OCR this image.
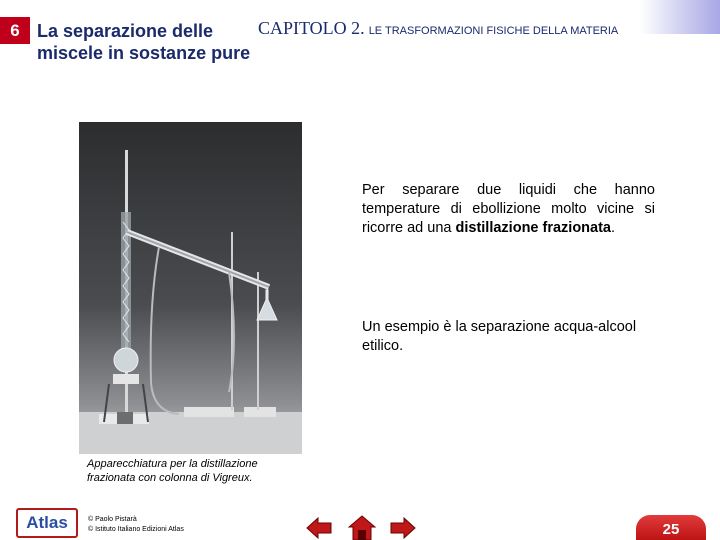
6 La separazione delle miscele in sostanze pure
CAPITOLO 2. LE TRASFORMAZIONI FISICHE DELLA MATERIA
Apparecchiatura per la distillazione frazionata con colonna di Vigreux.
Per separare due liquidi che hanno temperature di ebollizione molto vicine si ricorre ad una distillazione frazionata.
Un esempio è la separazione acqua-alcool etilico.
Atlas	© Paolo Pistarà
© Istituto Italiano Edizioni Atlas	25
